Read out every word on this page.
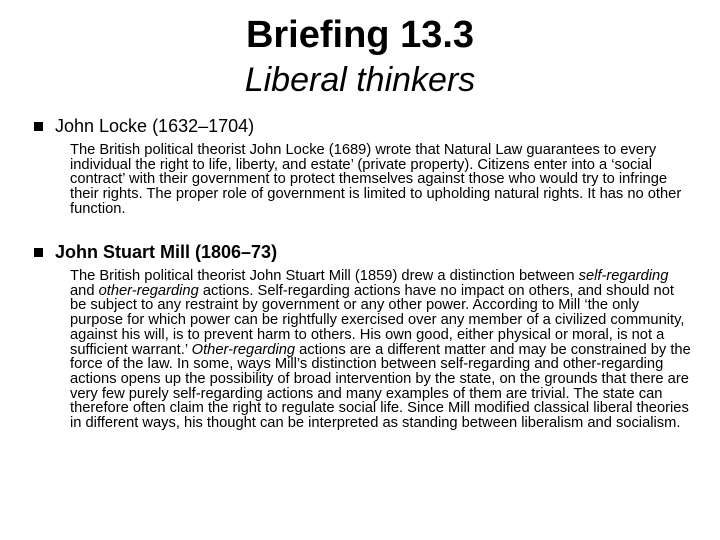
Briefing 13.3
Liberal thinkers
John Locke (1632–1704)
The British political theorist John Locke (1689) wrote that Natural Law guarantees to every individual the right to life, liberty, and estate’ (private property). Citizens enter into a ‘social contract’ with their government to protect themselves against those who would try to infringe their rights. The proper role of government is limited to upholding natural rights. It has no other function.
John Stuart Mill (1806–73)
The British political theorist John Stuart Mill (1859) drew a distinction between self-regarding and other-regarding actions. Self-regarding actions have no impact on others, and should not be subject to any restraint by government or any other power. According to Mill ‘the only purpose for which power can be rightfully exercised over any member of a civilized community, against his will, is to prevent harm to others. His own good, either physical or moral, is not a sufficient warrant.’ Other-regarding actions are a different matter and may be constrained by the force of the law. In some, ways Mill’s distinction between self-regarding and other-regarding actions opens up the possibility of broad intervention by the state, on the grounds that there are very few purely self-regarding actions and many examples of them are trivial. The state can therefore often claim the right to regulate social life. Since Mill modified classical liberal theories in different ways, his thought can be interpreted as standing between liberalism and socialism.
